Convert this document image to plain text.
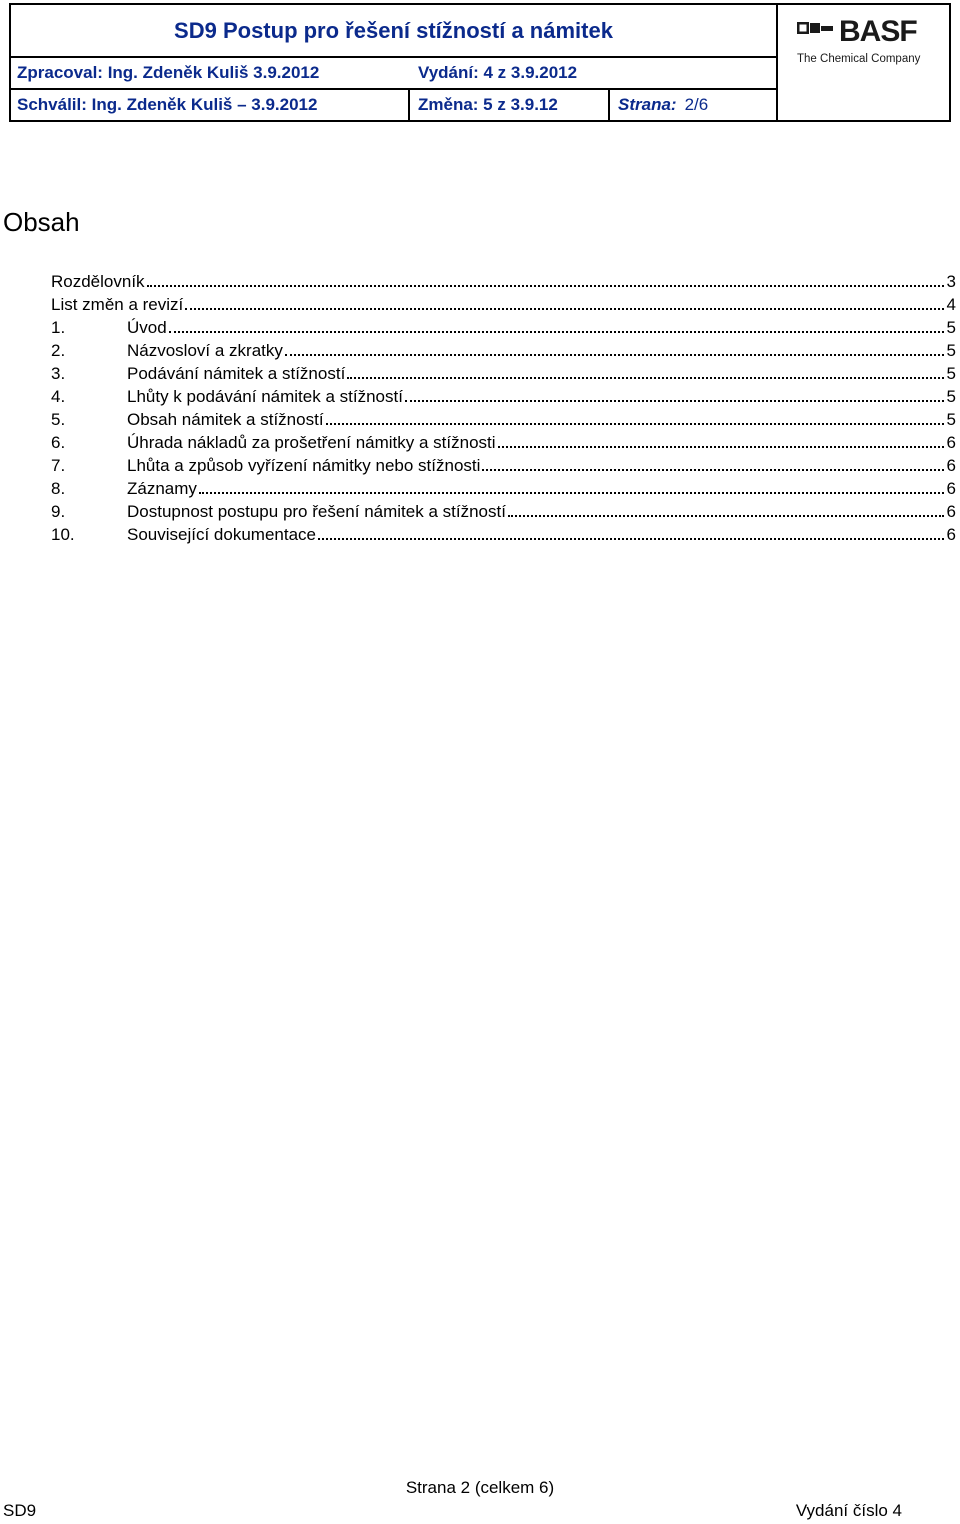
SD9 Postup pro řešení stížností a námitek
Zpracoval: Ing. Zdeněk Kuliš 3.9.2012	Vydání: 4 z 3.9.2012
Schválil: Ing. Zdeněk Kuliš – 3.9.2012	Změna: 5 z 3.9.12	Strana: 2/6
BASF
The Chemical Company
Obsah
Rozdělovník	3
List změn a revizí	4
1.	Úvod	5
2.	Názvosloví a zkratky	5
3.	Podávání námitek a stížností	5
4.	Lhůty k podávání námitek a stížností	5
5.	Obsah námitek a stížností	5
6.	Úhrada nákladů za prošetření námitky a stížnosti	6
7.	Lhůta a způsob vyřízení námitky nebo stížnosti	6
8.	Záznamy	6
9.	Dostupnost postupu pro řešení námitek a stížností	6
10.	Související dokumentace	6
Strana 2 (celkem 6)
SD9	Vydání číslo 4
